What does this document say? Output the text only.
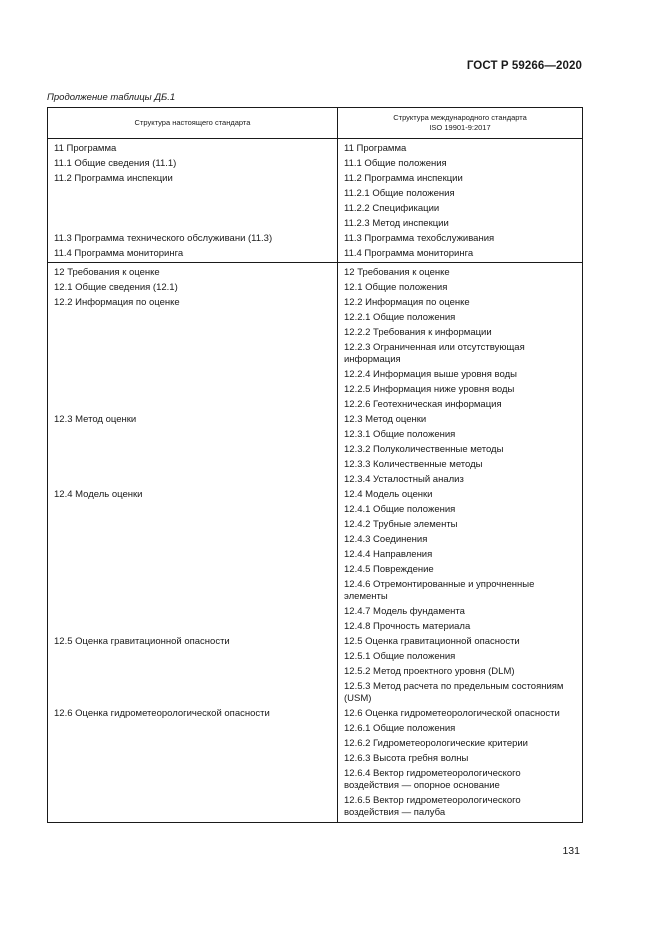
ГОСТ Р 59266—2020
Продолжение таблицы ДБ.1
Структура настоящего стандарта	Структура международного стандарта
ISO 19901-9:2017

11 Программа	11 Программа

11.1 Общие сведения (11.1)	11.1 Общие положения

11.2 Программа инспекции	11.2 Программа инспекции

	11.2.1 Общие положения

	11.2.2 Спецификации

	11.2.3 Метод инспекции

11.3 Программа технического обслуживани (11.3)	11.3 Программа техобслуживания

11.4 Программа мониторинга	11.4 Программа мониторинга

12 Требования к оценке	12 Требования к оценке

12.1 Общие сведения (12.1)	12.1 Общие положения

12.2 Информация по оценке	12.2 Информация по оценке

	12.2.1 Общие положения

	12.2.2 Требования к информации

	12.2.3 Ограниченная или отсутствующая информация

	12.2.4 Информация выше уровня воды

	12.2.5 Информация ниже уровня воды

	12.2.6 Геотехническая информация

12.3 Метод оценки	12.3 Метод оценки

	12.3.1 Общие положения

	12.3.2 Полуколичественные методы

	12.3.3 Количественные методы

	12.3.4 Усталостный анализ

12.4 Модель оценки	12.4 Модель оценки

	12.4.1 Общие положения

	12.4.2 Трубные элементы

	12.4.3 Соединения

	12.4.4 Направления

	12.4.5 Повреждение

	12.4.6 Отремонтированные и упрочненные элементы

	12.4.7 Модель фундамента

	12.4.8 Прочность материала

12.5 Оценка гравитационной опасности	12.5 Оценка гравитационной опасности

	12.5.1 Общие положения

	12.5.2 Метод проектного уровня (DLM)

	12.5.3 Метод расчета по предельным состояниям (USM)

12.6 Оценка гидрометеорологической опасности	12.6 Оценка гидрометеорологической опасности

	12.6.1 Общие положения

	12.6.2 Гидрометеорологические критерии

	12.6.3 Высота гребня волны

	12.6.4 Вектор гидрометеорологического воздействия — опорное основание

	12.6.5 Вектор гидрометеорологического воздействия — палуба
131
